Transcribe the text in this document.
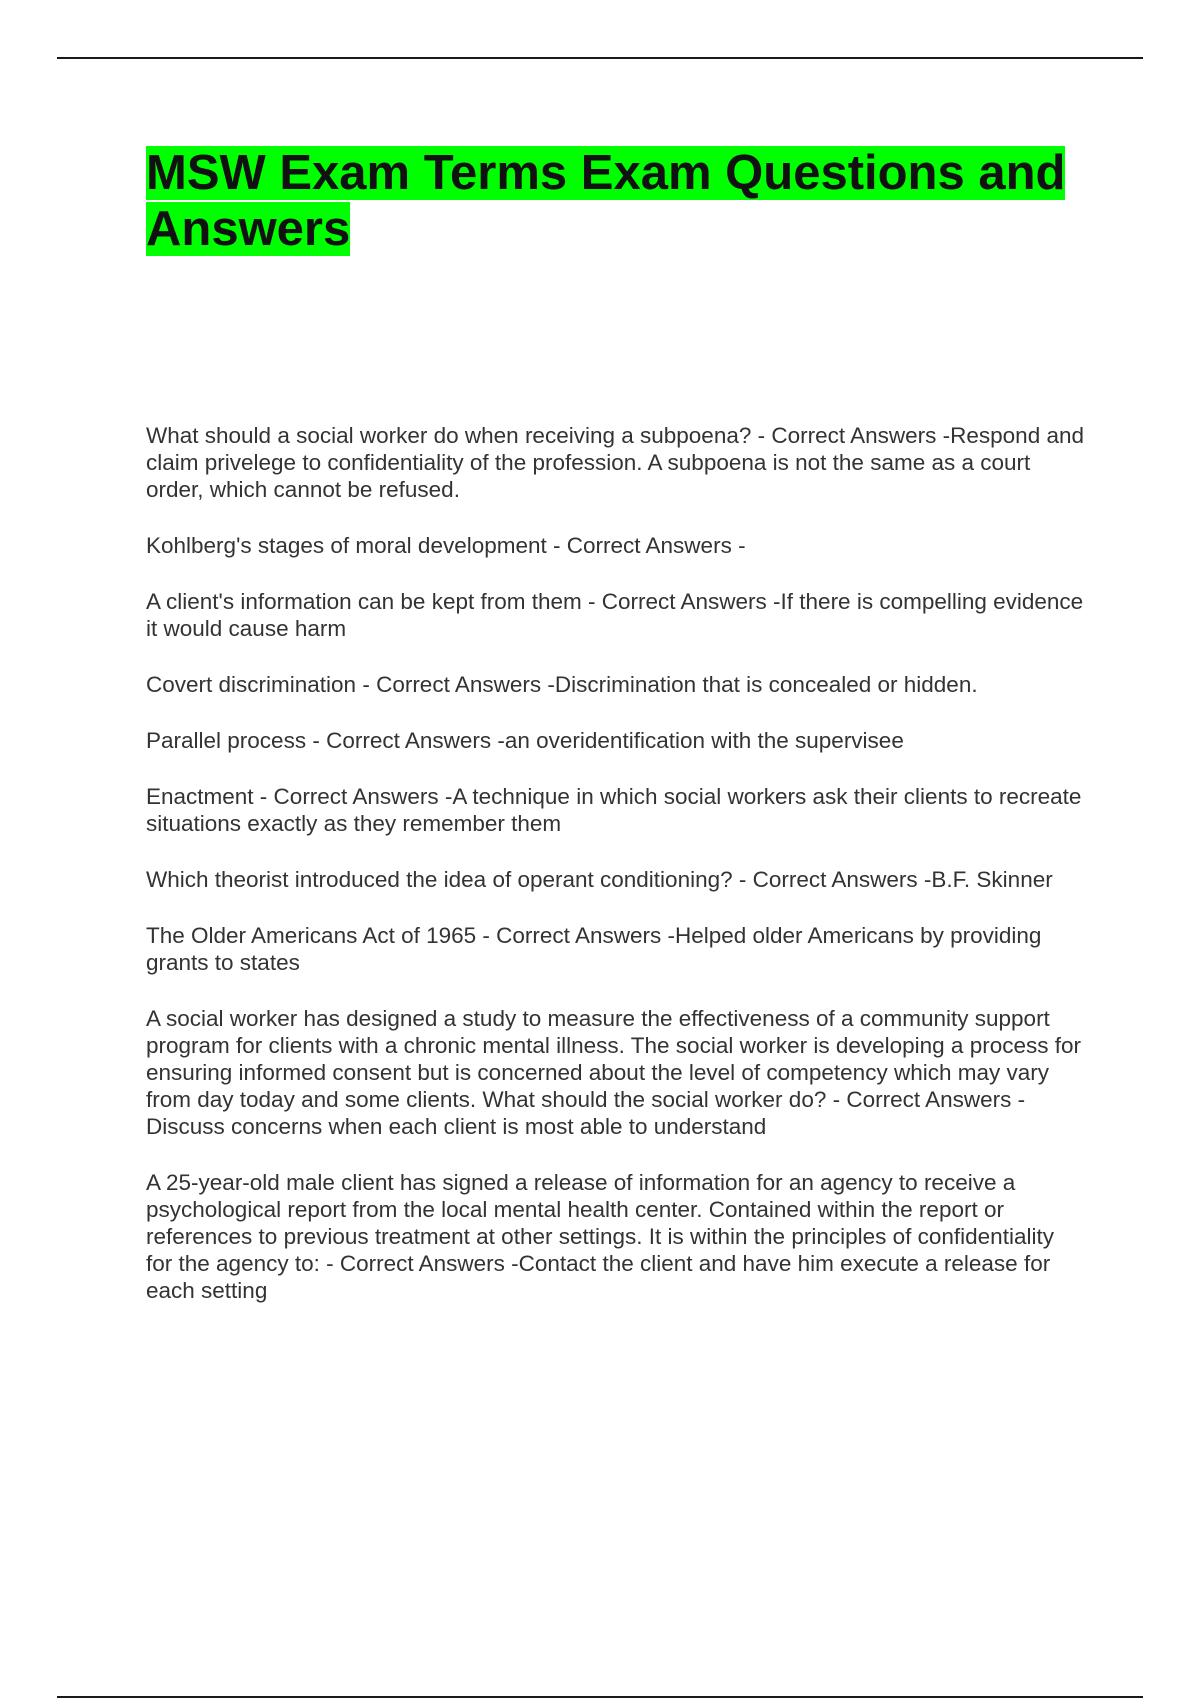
MSW Exam Terms Exam Questions and Answers

What should a social worker do when receiving a subpoena? - Correct Answers -Respond and claim privelege to confidentiality of the profession. A subpoena is not the same as a court order, which cannot be refused.

Kohlberg's stages of moral development - Correct Answers -

A client's information can be kept from them - Correct Answers -If there is compelling evidence it would cause harm

Covert discrimination - Correct Answers -Discrimination that is concealed or hidden.

Parallel process - Correct Answers -an overidentification with the supervisee

Enactment - Correct Answers -A technique in which social workers ask their clients to recreate situations exactly as they remember them

Which theorist introduced the idea of operant conditioning? - Correct Answers -B.F. Skinner

The Older Americans Act of 1965 - Correct Answers -Helped older Americans by providing grants to states

A social worker has designed a study to measure the effectiveness of a community support program for clients with a chronic mental illness. The social worker is developing a process for ensuring informed consent but is concerned about the level of competency which may vary from day today and some clients. What should the social worker do? - Correct Answers -Discuss concerns when each client is most able to understand

A 25-year-old male client has signed a release of information for an agency to receive a psychological report from the local mental health center. Contained within the report or references to previous treatment at other settings. It is within the principles of confidentiality for the agency to: - Correct Answers -Contact the client and have him execute a release for each setting
